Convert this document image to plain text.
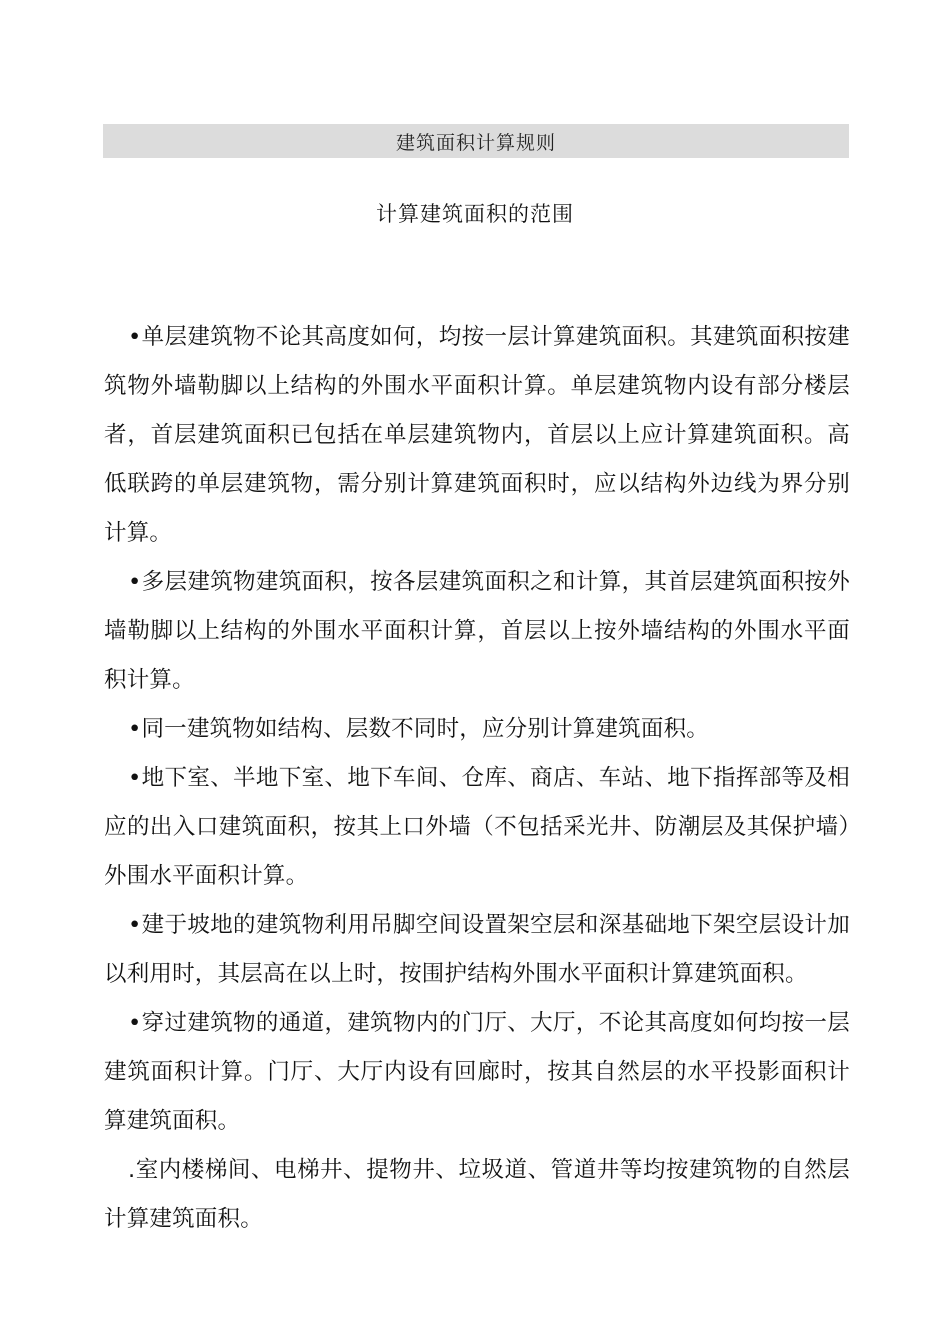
建筑面积计算规则
计算建筑面积的范围

•单层建筑物不论其高度如何，均按一层计算建筑面积。其建筑面积按建筑物外墙勒脚以上结构的外围水平面积计算。单层建筑物内设有部分楼层者，首层建筑面积已包括在单层建筑物内，首层以上应计算建筑面积。高低联跨的单层建筑物，需分别计算建筑面积时，应以结构外边线为界分别计算。

•多层建筑物建筑面积，按各层建筑面积之和计算，其首层建筑面积按外墙勒脚以上结构的外围水平面积计算，首层以上按外墙结构的外围水平面积计算。

•同一建筑物如结构、层数不同时，应分别计算建筑面积。

•地下室、半地下室、地下车间、仓库、商店、车站、地下指挥部等及相应的出入口建筑面积，按其上口外墙（不包括采光井、防潮层及其保护墙）外围水平面积计算。

•建于坡地的建筑物利用吊脚空间设置架空层和深基础地下架空层设计加以利用时，其层高在以上时，按围护结构外围水平面积计算建筑面积。

•穿过建筑物的通道，建筑物内的门厅、大厅，不论其高度如何均按一层建筑面积计算。门厅、大厅内设有回廊时，按其自然层的水平投影面积计算建筑面积。

.室内楼梯间、电梯井、提物井、垃圾道、管道井等均按建筑物的自然层计算建筑面积。
